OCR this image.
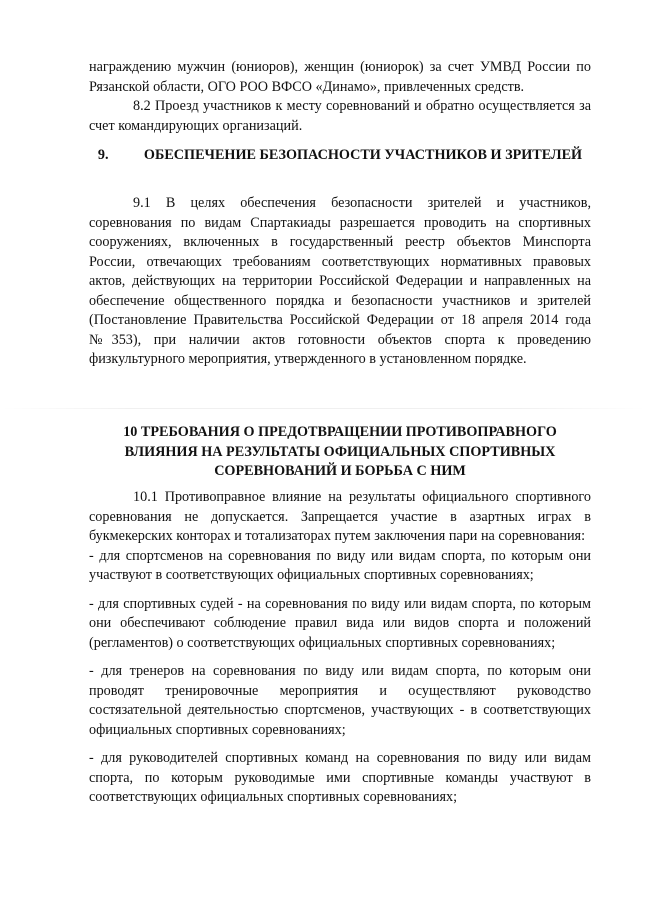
награждению мужчин (юниоров), женщин (юниорок) за счет УМВД России по Рязанской области, ОГО РОО ВФСО «Динамо», привлеченных средств.

8.2 Проезд участников к месту соревнований и обратно осуществляется за счет командирующих организаций.

9. ОБЕСПЕЧЕНИЕ БЕЗОПАСНОСТИ УЧАСТНИКОВ И ЗРИТЕЛЕЙ

9.1 В целях обеспечения безопасности зрителей и участников, соревнования по видам Спартакиады разрешается проводить на спортивных сооружениях, включенных в государственный реестр объектов Минспорта России, отвечающих требованиям соответствующих нормативных правовых актов, действующих на территории Российской Федерации и направленных на обеспечение общественного порядка и безопасности участников и зрителей (Постановление Правительства Российской Федерации от 18 апреля 2014 года №353), при наличии актов готовности объектов спорта к проведению физкультурного мероприятия, утвержденного в установленном порядке.

10 ТРЕБОВАНИЯ О ПРЕДОТВРАЩЕНИИ ПРОТИВОПРАВНОГО ВЛИЯНИЯ НА РЕЗУЛЬТАТЫ ОФИЦИАЛЬНЫХ СПОРТИВНЫХ СОРЕВНОВАНИЙ И БОРЬБА С НИМ

10.1 Противоправное влияние на результаты официального спортивного соревнования не допускается. Запрещается участие в азартных играх в букмекерских конторах и тотализаторах путем заключения пари на соревнования:

- для спортсменов на соревнования по виду или видам спорта, по которым они участвуют в соответствующих официальных спортивных соревнованиях;

- для спортивных судей - на соревнования по виду или видам спорта, по которым они обеспечивают соблюдение правил вида или видов спорта и положений (регламентов) о соответствующих официальных спортивных соревнованиях;

- для тренеров на соревнования по виду или видам спорта, по которым они проводят тренировочные мероприятия и осуществляют руководство состязательной деятельностью спортсменов, участвующих - в соответствующих официальных спортивных соревнованиях;

- для руководителей спортивных команд на соревнования по виду или видам спорта, по которым руководимые ими спортивные команды участвуют в соответствующих официальных спортивных соревнованиях;
